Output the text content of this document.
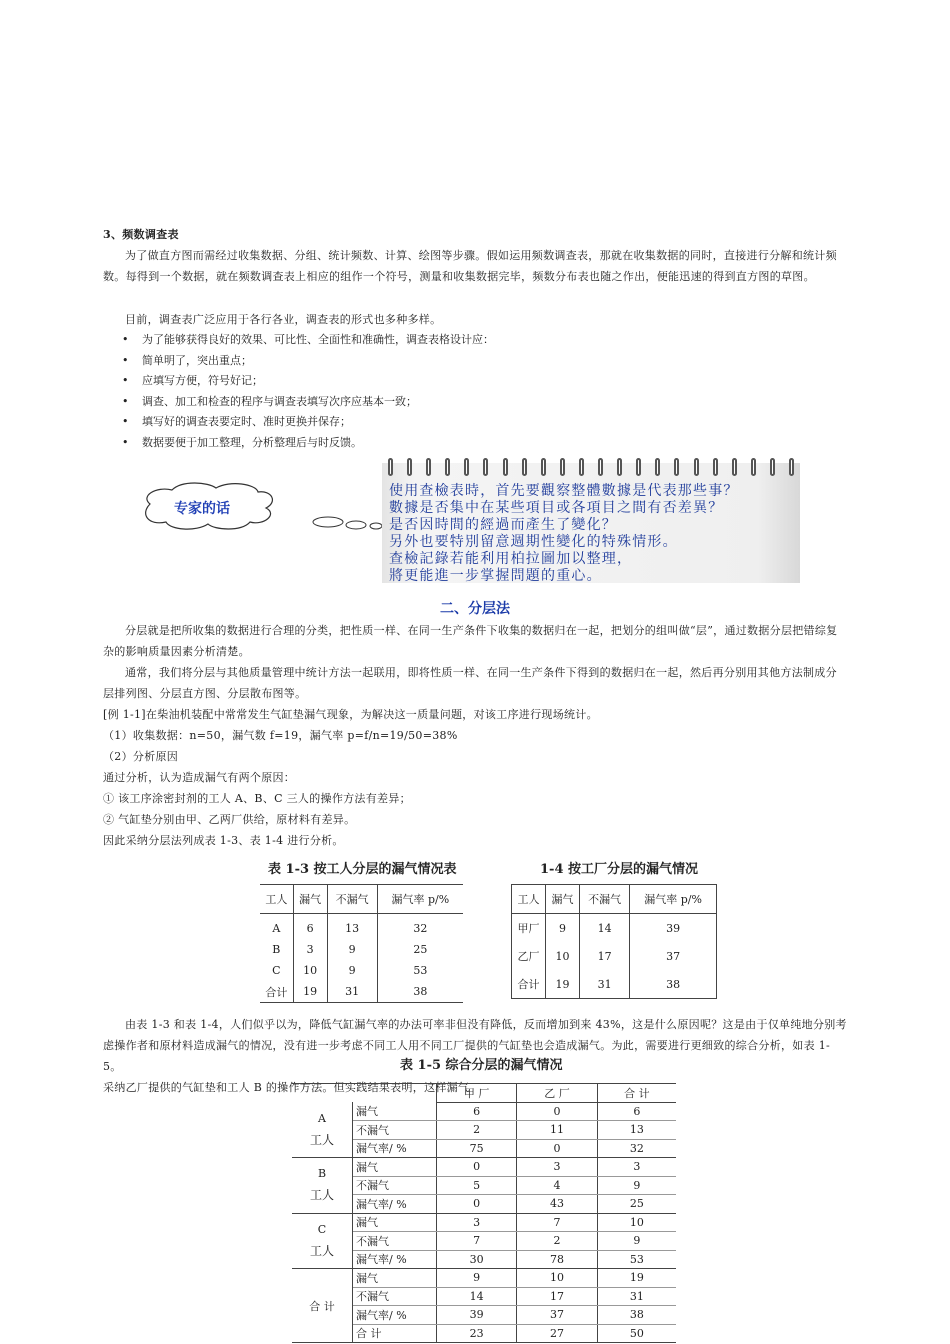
3、频数调查表
为了做直方图而需经过收集数据、分组、统计频数、计算、绘图等步骤。假如运用频数调查表，那就在收集数据的同时，直接进行分解和统计频数。每得到一个数据，就在频数调查表上相应的组作一个符号，测量和收集数据完毕，频数分布表也随之作出，便能迅速的得到直方图的草图。
目前，调查表广泛应用于各行各业，调查表的形式也多种多样。
• 为了能够获得良好的效果、可比性、全面性和准确性，调查表格设计应：
• 简单明了，突出重点；
• 应填写方便，符号好记；
• 调查、加工和检查的程序与调查表填写次序应基本一致；
• 填写好的调查表要定时、准时更换并保存；
• 数据要便于加工整理，分析整理后与时反馈。
专家的话
使用查檢表時，首先要觀察整體數據是代表那些事？
數據是否集中在某些項目或各項目之間有否差異？
是否因時間的經過而產生了變化？
另外也要特別留意週期性變化的特殊情形。
查檢記錄若能利用柏拉圖加以整理，
將更能進一步掌握問題的重心。
二、分层法
分层就是把所收集的数据进行合理的分类，把性质一样、在同一生产条件下收集的数据归在一起，把划分的组叫做“层”，通过数据分层把错综复杂的影响质量因素分析清楚。
通常，我们将分层与其他质量管理中统计方法一起联用，即将性质一样、在同一生产条件下得到的数据归在一起，然后再分别用其他方法制成分层排列图、分层直方图、分层散布图等。
[例 1-1]在柴油机装配中常常发生气缸垫漏气现象，为解决这一质量问题，对该工序进行现场统计。
（1）收集数据：n=50，漏气数 f=19，漏气率 p=f/n=19/50=38%
（2）分析原因
通过分析，认为造成漏气有两个原因：
① 该工序涂密封剂的工人 A、B、C 三人的操作方法有差异；
② 气缸垫分别由甲、乙两厂供给，原材料有差异。
因此采纳分层法列成表 1-3、表 1-4 进行分析。
表 1-3 按工人分层的漏气情况表
工人	漏气	不漏气	漏气率 p/%
A	6	13	32
B	3	9	25
C	10	9	53
合计	19	31	38
1-4 按工厂分层的漏气情况
工人	漏气	不漏气	漏气率 p/%
甲厂	9	14	39
乙厂	10	17	37
合计	19	31	38
由表 1-3 和表 1-4，人们似乎以为，降低气缸漏气率的办法可率非但没有降低，反而增加到来 43%，这是什么原因呢？这是由于仅单纯地分别考虑操作者和原材料造成漏气的情况，没有进一步考虑不同工人用不同工厂提供的气缸垫也会造成漏气。为此，需要进行更细致的综合分析，如表 1-5。
采纳乙厂提供的气缸垫和工人 B 的操作方法。但实践结果表明，这样漏气
表 1-5 综合分层的漏气情况
		甲 厂	乙 厂	合 计

A
工人	漏气	6	0	6
	不漏气	2	11	13
	漏气率/ %	75	0	32

B
工人	漏气	0	3	3
	不漏气	5	4	9
	漏气率/ %	0	43	25

C
工人	漏气	3	7	10
	不漏气	7	2	9
	漏气率/ %	30	78	53

合 计	漏气	9	10	19
	不漏气	14	17	31
	漏气率/ %	39	37	38
	合 计	23	27	50
